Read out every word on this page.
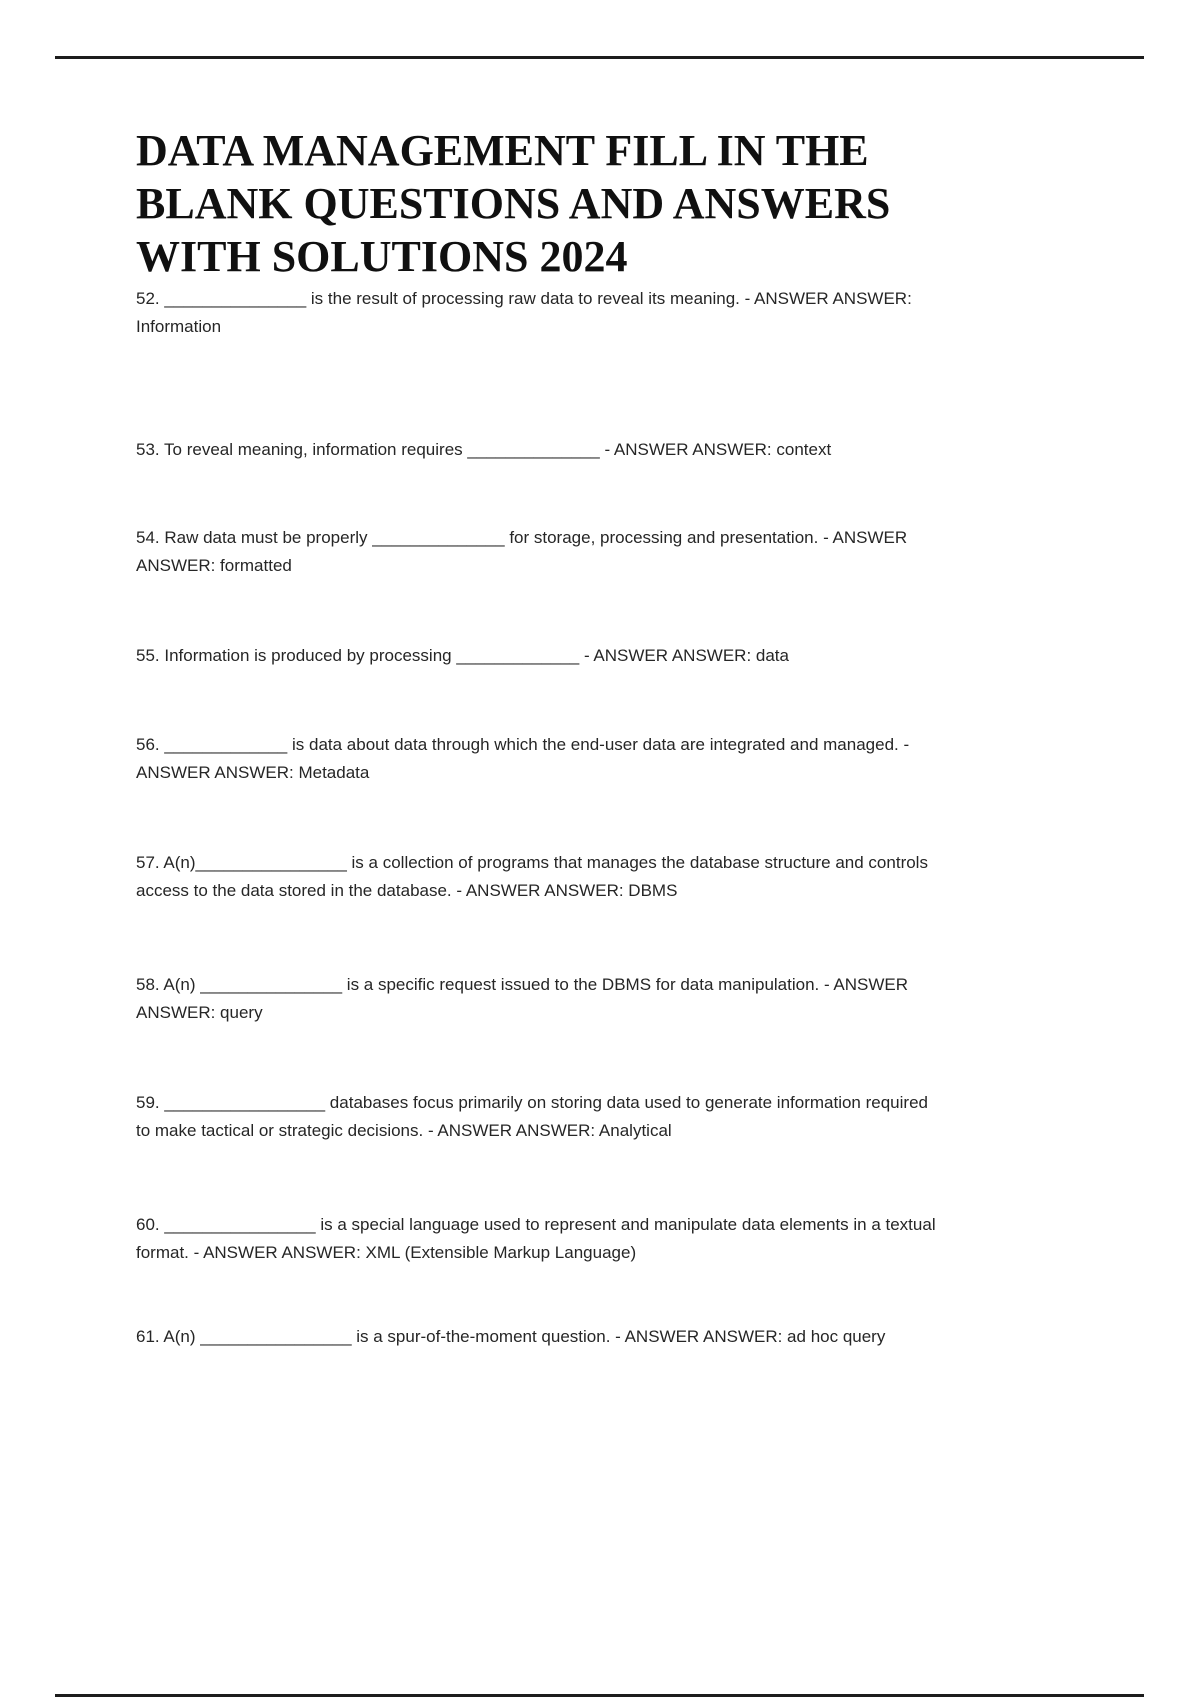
DATA MANAGEMENT FILL IN THE
BLANK QUESTIONS AND ANSWERS
WITH SOLUTIONS 2024
52. _______________ is the result of processing raw data to reveal its meaning. - ANSWER ANSWER:
Information
53. To reveal meaning, information requires ______________ - ANSWER ANSWER: context
54. Raw data must be properly ______________ for storage, processing and presentation. - ANSWER
ANSWER: formatted
55. Information is produced by processing _____________ - ANSWER ANSWER: data
56. _____________ is data about data through which the end-user data are integrated and managed. -
ANSWER ANSWER: Metadata
57. A(n)________________ is a collection of programs that manages the database structure and controls
access to the data stored in the database. - ANSWER ANSWER: DBMS
58. A(n) _______________ is a specific request issued to the DBMS for data manipulation. - ANSWER
ANSWER: query
59. _________________ databases focus primarily on storing data used to generate information required
to make tactical or strategic decisions. - ANSWER ANSWER: Analytical
60. ________________ is a special language used to represent and manipulate data elements in a textual
format. - ANSWER ANSWER: XML (Extensible Markup Language)
61. A(n) ________________ is a spur-of-the-moment question. - ANSWER ANSWER: ad hoc query
